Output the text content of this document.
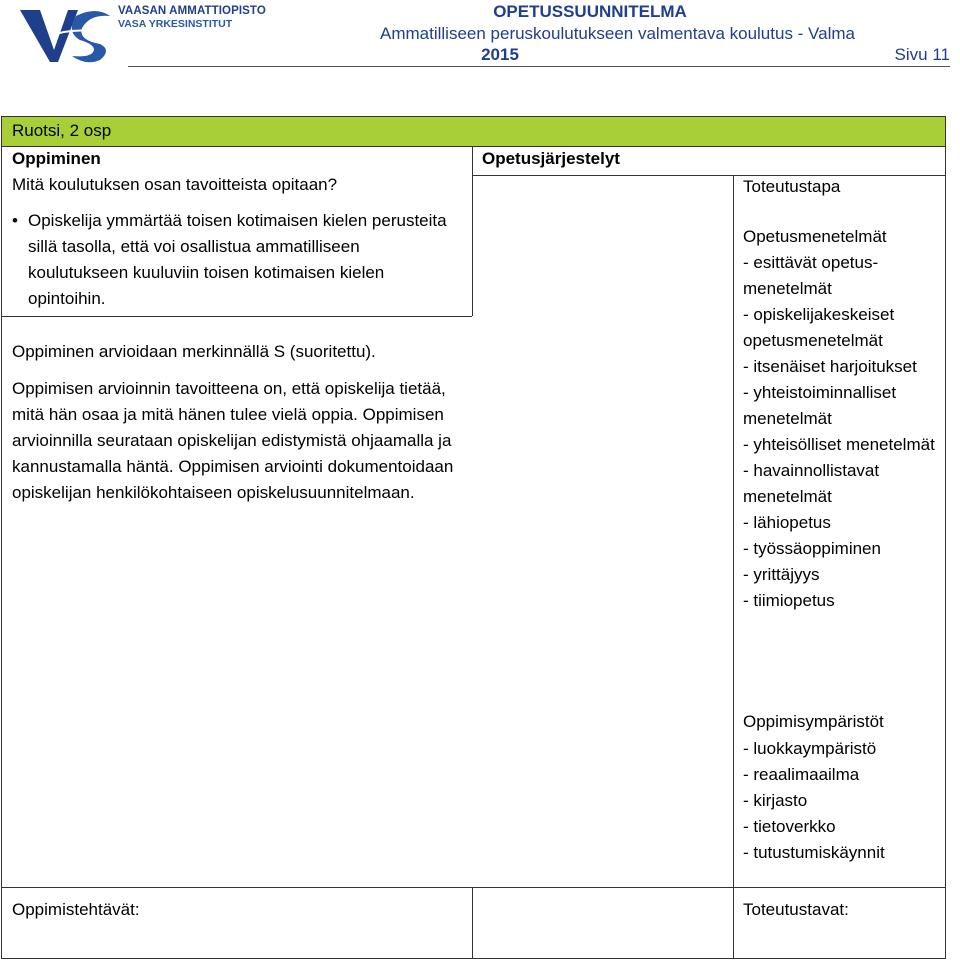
VAASAN AMMATTIOPISTO
VASA YRKESINSTITUT
OPETUSSUUNNITELMA
Ammatilliseen peruskoulutukseen valmentava koulutus - Valma
2015	Sivu 11
Ruotsi, 2 osp
Oppiminen
Mitä koulutuksen osan tavoitteista opitaan?
• Opiskelija ymmärtää toisen kotimaisen kielen perusteita sillä tasolla, että voi osallistua ammatilliseen koulutukseen kuuluviin toisen kotimaisen kielen opintoihin.
Oppiminen arvioidaan merkinnällä S (suoritettu).

Oppimisen arvioinnin tavoitteena on, että opiskelija tietää, mitä hän osaa ja mitä hänen tulee vielä oppia. Oppimisen arvioinnilla seurataan opiskelijan edistymistä ohjaamalla ja kannustamalla häntä. Oppimisen arviointi dokumentoidaan opiskelijan henkilökohtaiseen opiskelusuunnitelmaan.

Oppimistehtävät:
Opetusjärjestelyt
Toteutustapa
Opetusmenetelmät
- esittävät opetus-menetelmät
- opiskelijakeskeiset opetusmenetelmät
- itsenäiset harjoitukset
- yhteistoiminnalliset menetelmät
- yhteisölliset menetelmät
- havainnollistavat menetelmät
- lähiopetus
- työssäoppiminen
- yrittäjyys
- tiimiopetus
Oppimisympäristöt
- luokkaympäristö
- reaalimaailma
- kirjasto
- tietoverkko
- tutustumiskäynnit
Toteutustavat:
